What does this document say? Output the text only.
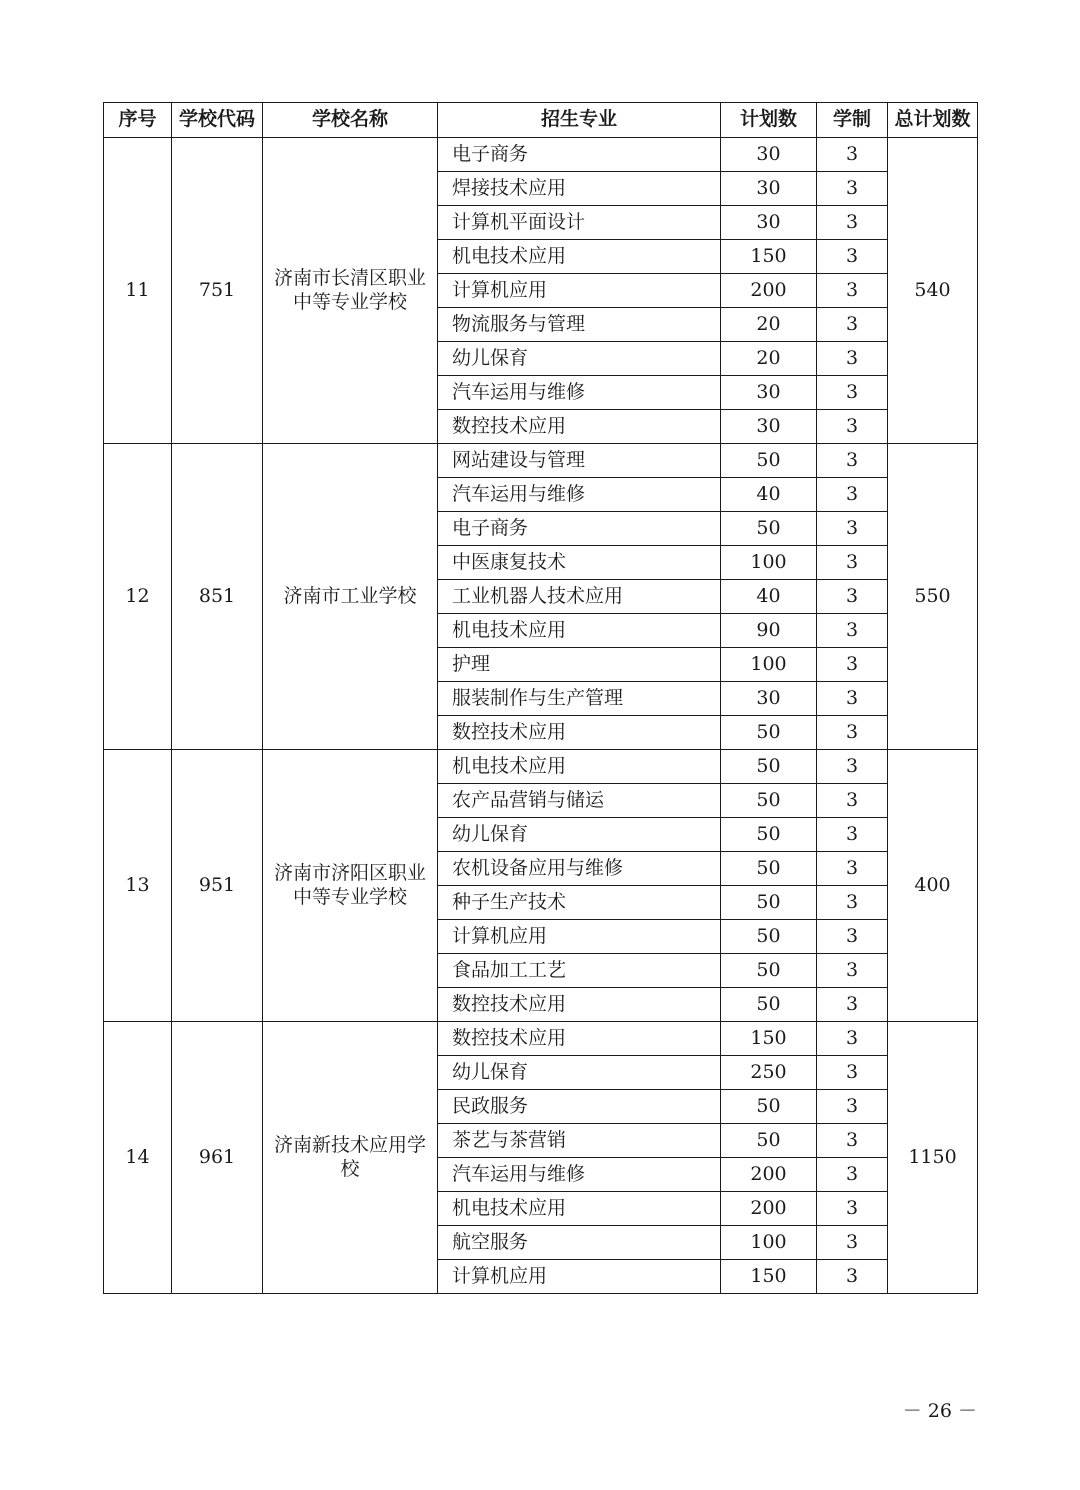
序号	学校代码	学校名称	招生专业	计划数	学制	总计划数
11	751	济南市长清区职业中等专业学校	电子商务	30	3	540
			焊接技术应用	30	3	
			计算机平面设计	30	3	
			机电技术应用	150	3	
			计算机应用	200	3	
			物流服务与管理	20	3	
			幼儿保育	20	3	
			汽车运用与维修	30	3	
			数控技术应用	30	3	
12	851	济南市工业学校	网站建设与管理	50	3	550
			汽车运用与维修	40	3	
			电子商务	50	3	
			中医康复技术	100	3	
			工业机器人技术应用	40	3	
			机电技术应用	90	3	
			护理	100	3	
			服装制作与生产管理	30	3	
			数控技术应用	50	3	
13	951	济南市济阳区职业中等专业学校	机电技术应用	50	3	400
			农产品营销与储运	50	3	
			幼儿保育	50	3	
			农机设备应用与维修	50	3	
			种子生产技术	50	3	
			计算机应用	50	3	
			食品加工工艺	50	3	
			数控技术应用	50	3	
14	961	济南新技术应用学校	数控技术应用	150	3	1150
			幼儿保育	250	3	
			民政服务	50	3	
			茶艺与茶营销	50	3	
			汽车运用与维修	200	3	
			机电技术应用	200	3	
			航空服务	100	3	
			计算机应用	150	3	
－ 26 －
